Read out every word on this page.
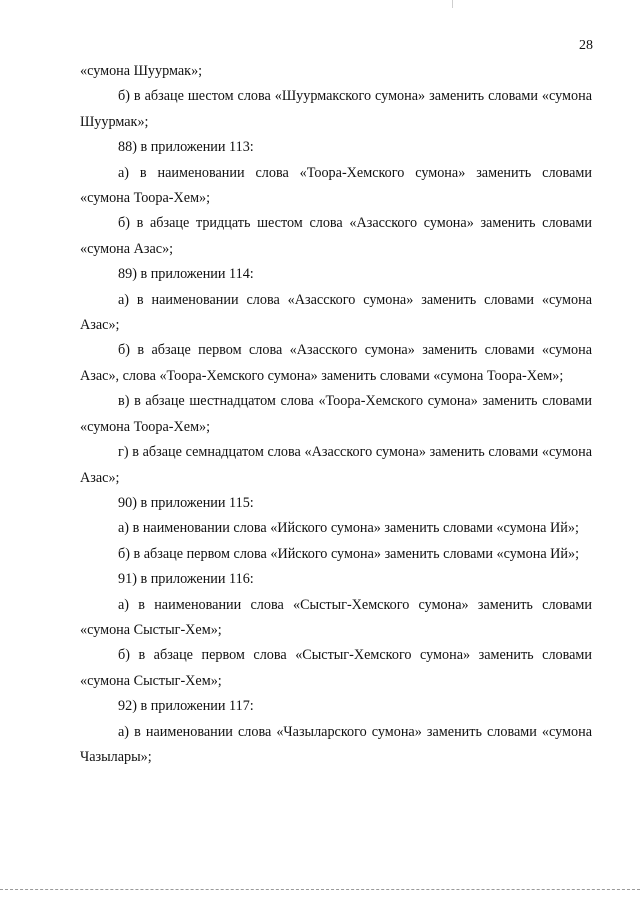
28

«сумона Шуурмак»;

б) в абзаце шестом слова «Шуурмакского сумона» заменить словами «сумона Шуурмак»;

88) в приложении 113:

а) в наименовании слова «Тоора-Хемского сумона» заменить словами «сумона Тоора-Хем»;

б) в абзаце тридцать шестом слова «Азасского сумона» заменить словами «сумона Азас»;

89) в приложении 114:

а) в наименовании слова «Азасского сумона» заменить словами «сумона Азас»;

б) в абзаце первом слова «Азасского сумона» заменить словами «сумона Азас», слова «Тоора-Хемского сумона» заменить словами «сумона Тоора-Хем»;

в) в абзаце шестнадцатом слова «Тоора-Хемского сумона» заменить словами «сумона Тоора-Хем»;

г) в абзаце семнадцатом слова «Азасского сумона» заменить словами «сумона Азас»;

90) в приложении 115:

а) в наименовании слова «Ийского сумона» заменить словами «сумона Ий»;

б) в абзаце первом слова «Ийского сумона» заменить словами «сумона Ий»;

91) в приложении 116:

а) в наименовании слова «Сыстыг-Хемского сумона» заменить словами «сумона Сыстыг-Хем»;

б) в абзаце первом слова «Сыстыг-Хемского сумона» заменить словами «сумона Сыстыг-Хем»;

92) в приложении 117:

а) в наименовании слова «Чазыларского сумона» заменить словами «сумона Чазылары»;
